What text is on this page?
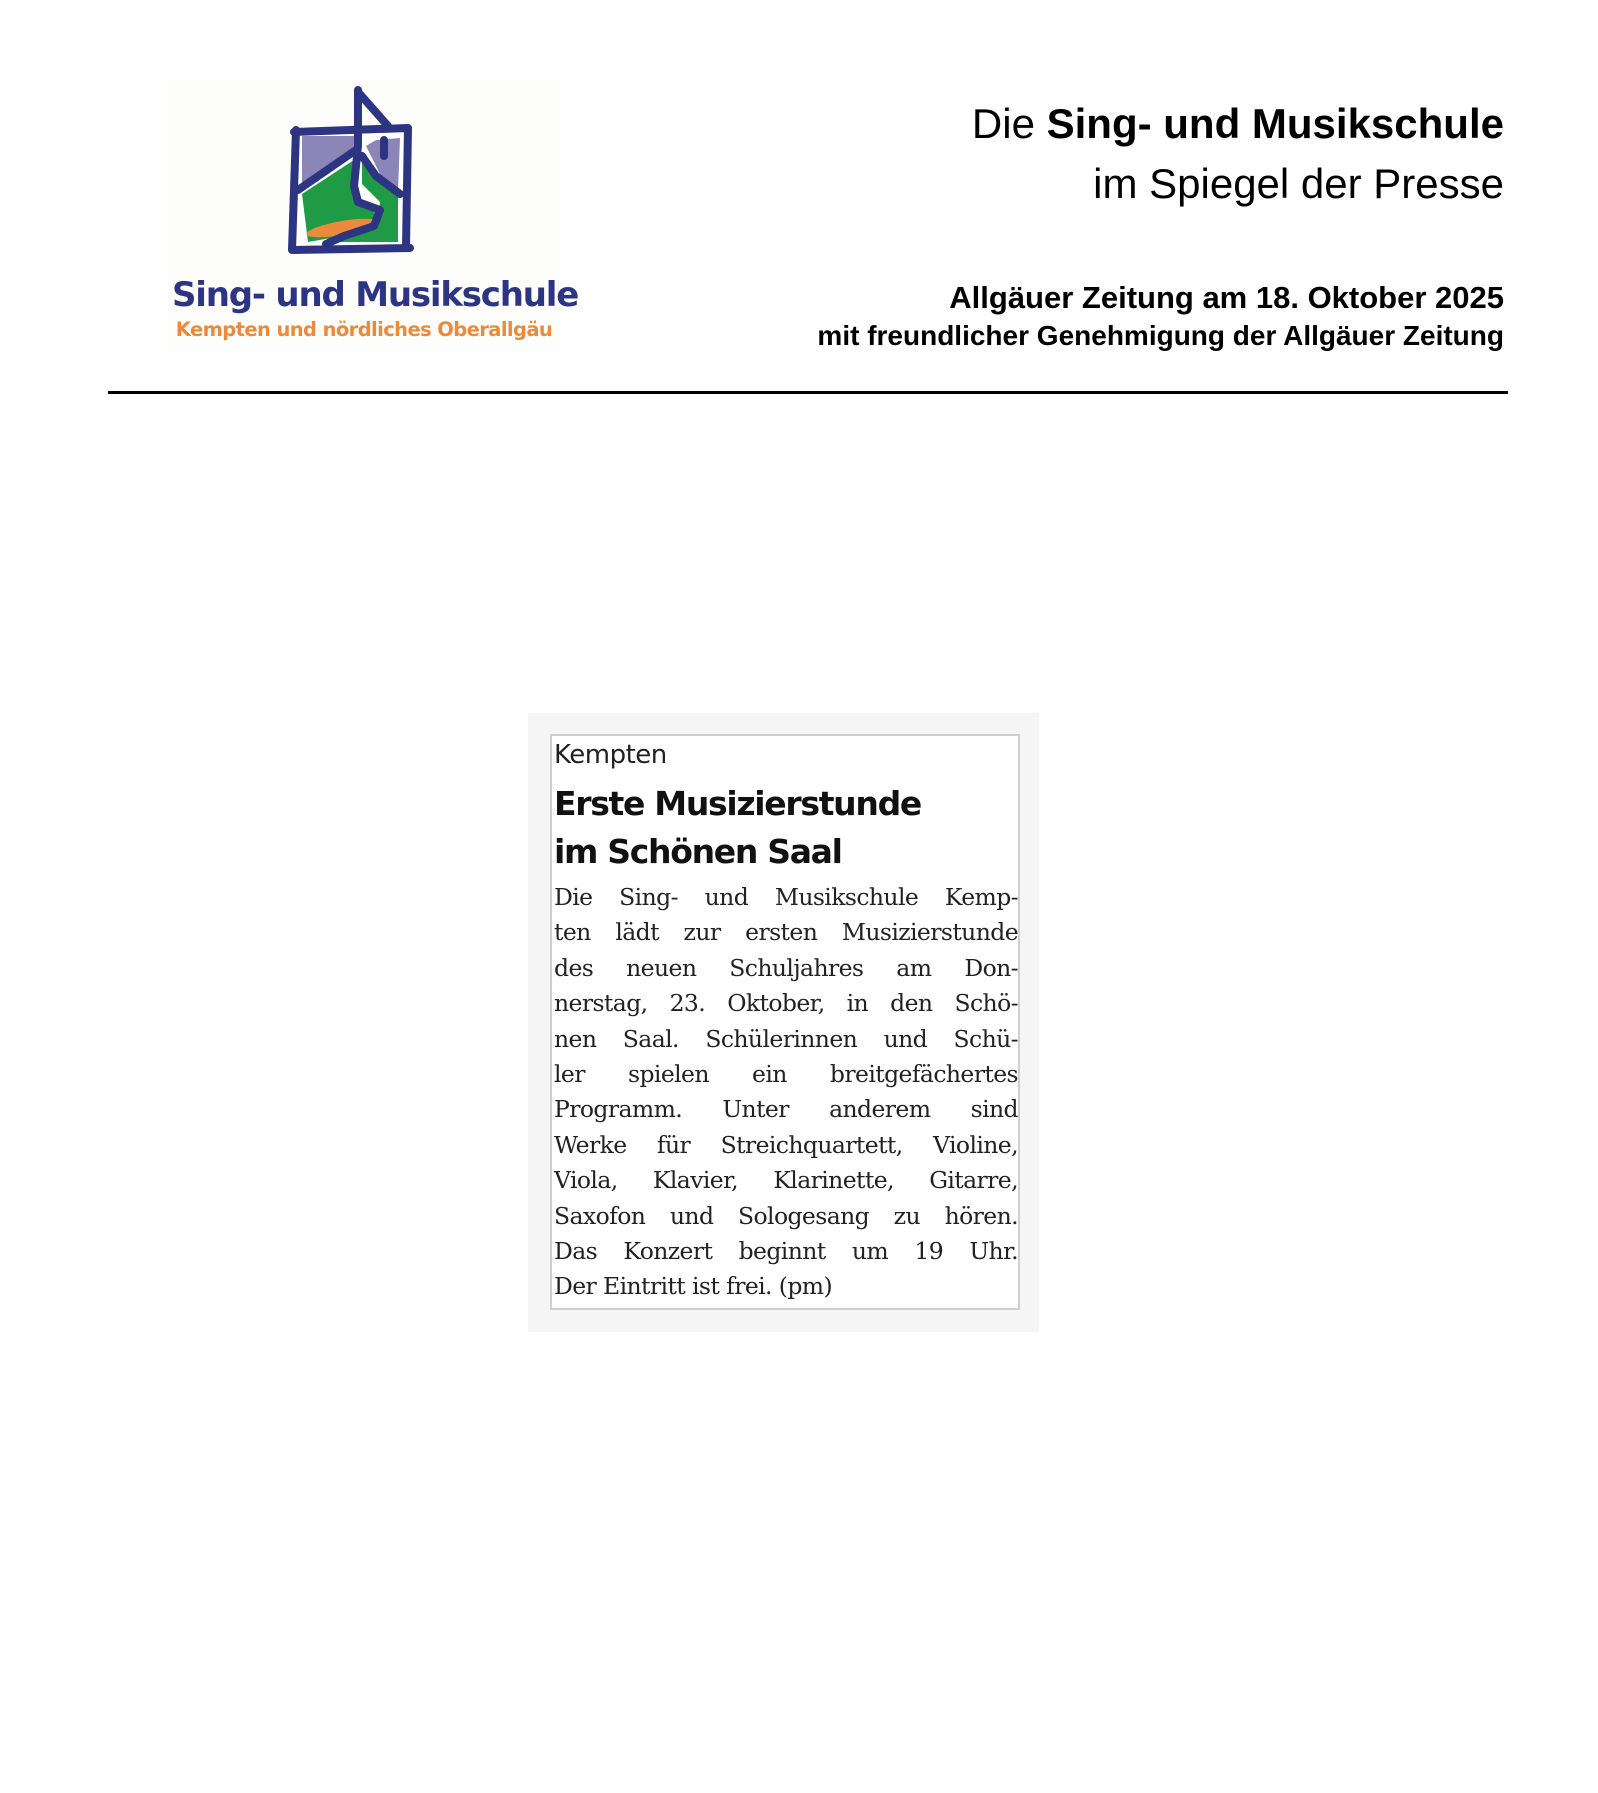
Sing- und Musikschule
Kempten und nördliches Oberallgäu
Die Sing- und Musikschule
im Spiegel der Presse
Allgäuer Zeitung am 18. Oktober 2025
mit freundlicher Genehmigung der Allgäuer Zeitung
Kempten
Erste Musizierstunde
im Schönen Saal
Die Sing- und Musikschule Kemp-
ten lädt zur ersten Musizierstunde
des neuen Schuljahres am Don-
nerstag, 23. Oktober, in den Schö-
nen Saal. Schülerinnen und Schü-
ler spielen ein breitgefächertes
Programm. Unter anderem sind
Werke für Streichquartett, Violine,
Viola, Klavier, Klarinette, Gitarre,
Saxofon und Sologesang zu hören.
Das Konzert beginnt um 19 Uhr.
Der Eintritt ist frei. (pm)
